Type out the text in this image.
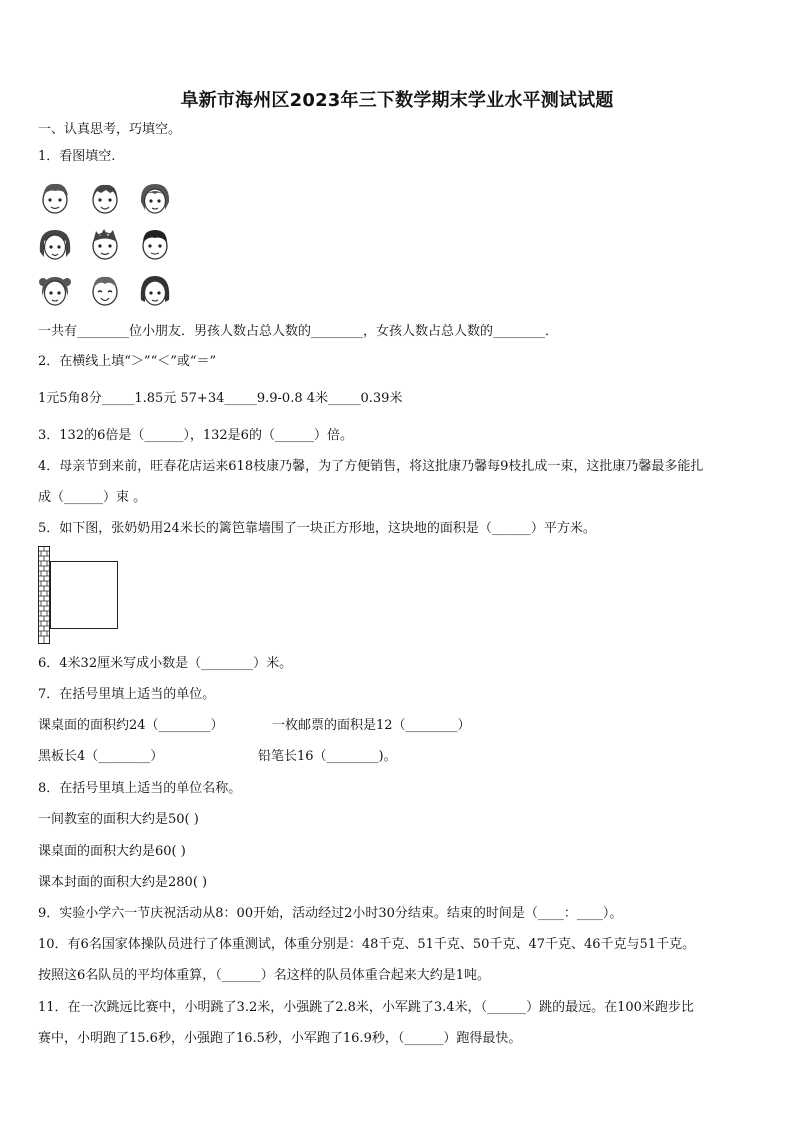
阜新市海州区2023年三下数学期末学业水平测试试题
一、认真思考，巧填空。
1．看图填空.
一共有________位小朋友．男孩人数占总人数的________，女孩人数占总人数的________．
2．在横线上填“＞”“＜”或“＝”
1元5角8分_____1.85元 57+34_____9.9-0.8 4米_____0.39米
3．132的6倍是（______），132是6的（______）倍。
4．母亲节到来前，旺春花店运来618枝康乃馨，为了方便销售，将这批康乃馨每9枝扎成一束，这批康乃馨最多能扎
成（______）束 。
5．如下图，张奶奶用24米长的篱笆靠墙围了一块正方形地，这块地的面积是（______）平方米。
6．4米32厘米写成小数是（________）米。
7．在括号里填上适当的单位。
课桌面的面积约24（________）	一枚邮票的面积是12（________）
黑板长4（________）	铅笔长16（________)。
8．在括号里填上适当的单位名称。
一间教室的面积大约是50( )
课桌面的面积大约是60( )
课本封面的面积大约是280( )
9．实验小学六一节庆祝活动从8：00开始，活动经过2小时30分结束。结束的时间是（____：____）。
10．有6名国家体操队员进行了体重测试，体重分别是：48千克、51千克、50千克、47千克、46千克与51千克。
按照这6名队员的平均体重算，（______）名这样的队员体重合起来大约是1吨。
11．在一次跳远比赛中，小明跳了3.2米，小强跳了2.8米，小军跳了3.4米，（______）跳的最远。在100米跑步比
赛中，小明跑了15.6秒，小强跑了16.5秒，小军跑了16.9秒，（______）跑得最快。
